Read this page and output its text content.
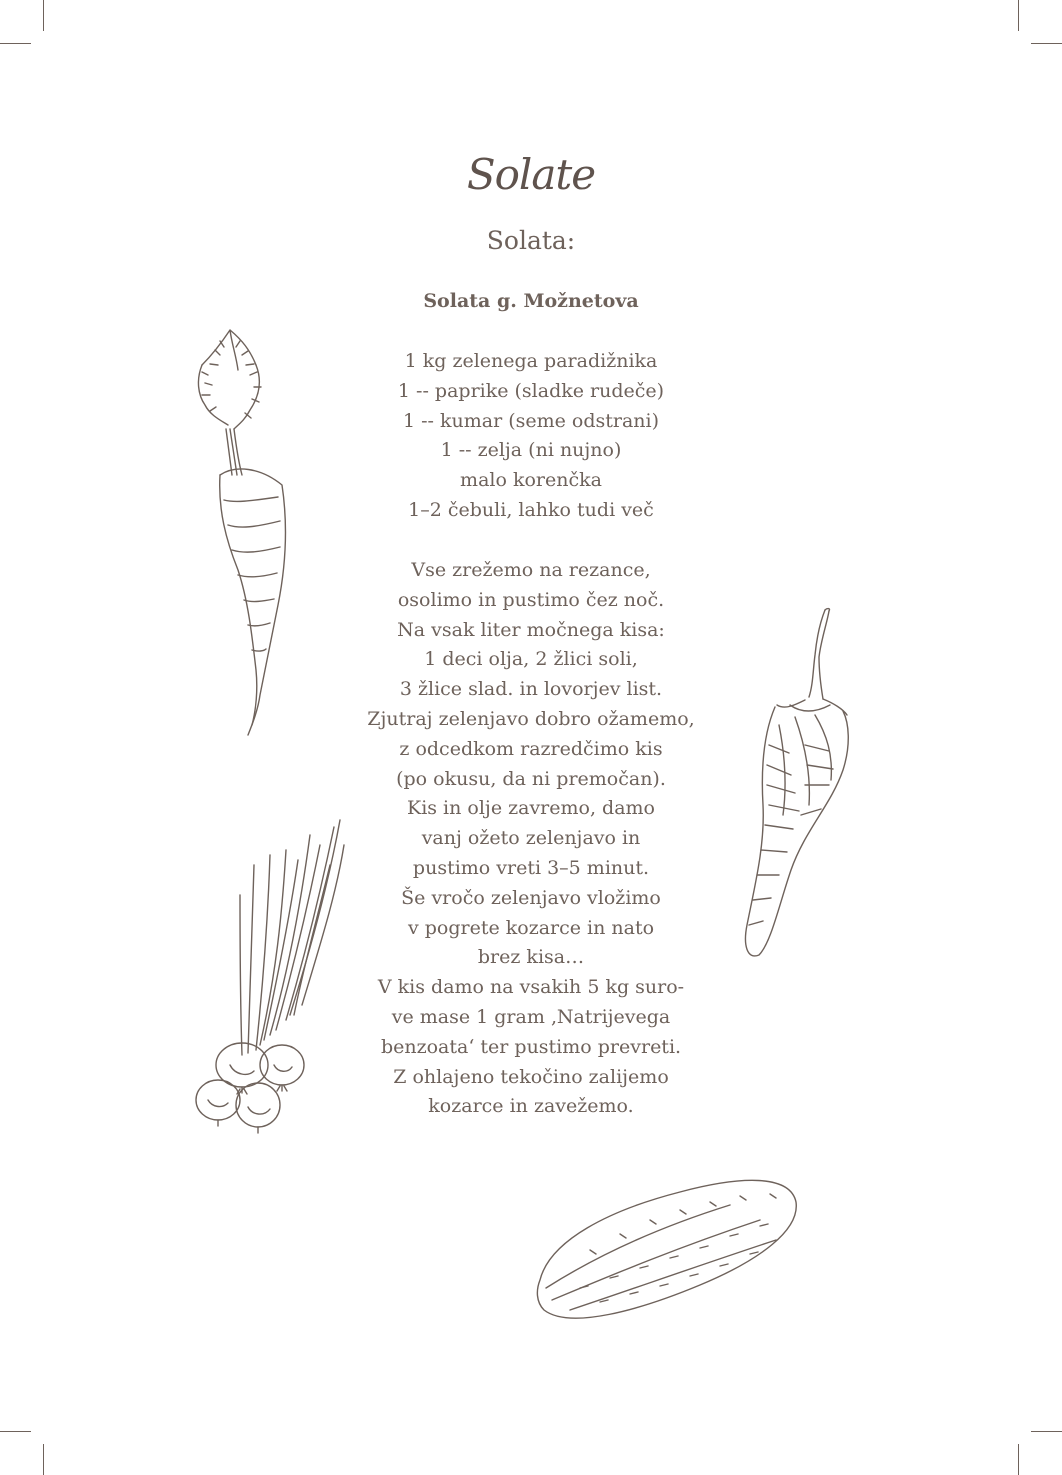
Solate
Solata:
Solata g. Možnetova
1 kg zelenega paradižnika
1 -- paprike (sladke rudeče)
1 -- kumar (seme odstrani)
1 -- zelja (ni nujno)
malo korenčka
1–2 čebuli, lahko tudi več
Vse zrežemo na rezance,
osolimo in pustimo čez noč.
Na vsak liter močnega kisa:
1 deci olja, 2 žlici soli,
3 žlice slad. in lovorjev list.
Zjutraj zelenjavo dobro ožamemo,
z odcedkom razredčimo kis
(po okusu, da ni premočan).
Kis in olje zavremo, damo
vanj ožeto zelenjavo in
pustimo vreti 3–5 minut.
Še vročo zelenjavo vložimo
v pogrete kozarce in nato
brez kisa…
V kis damo na vsakih 5 kg suro-
ve mase 1 gram ‚Natrijevega
benzoata‘ ter pustimo prevreti.
Z ohlajeno tekočino zalijemo
kozarce in zavežemo.
